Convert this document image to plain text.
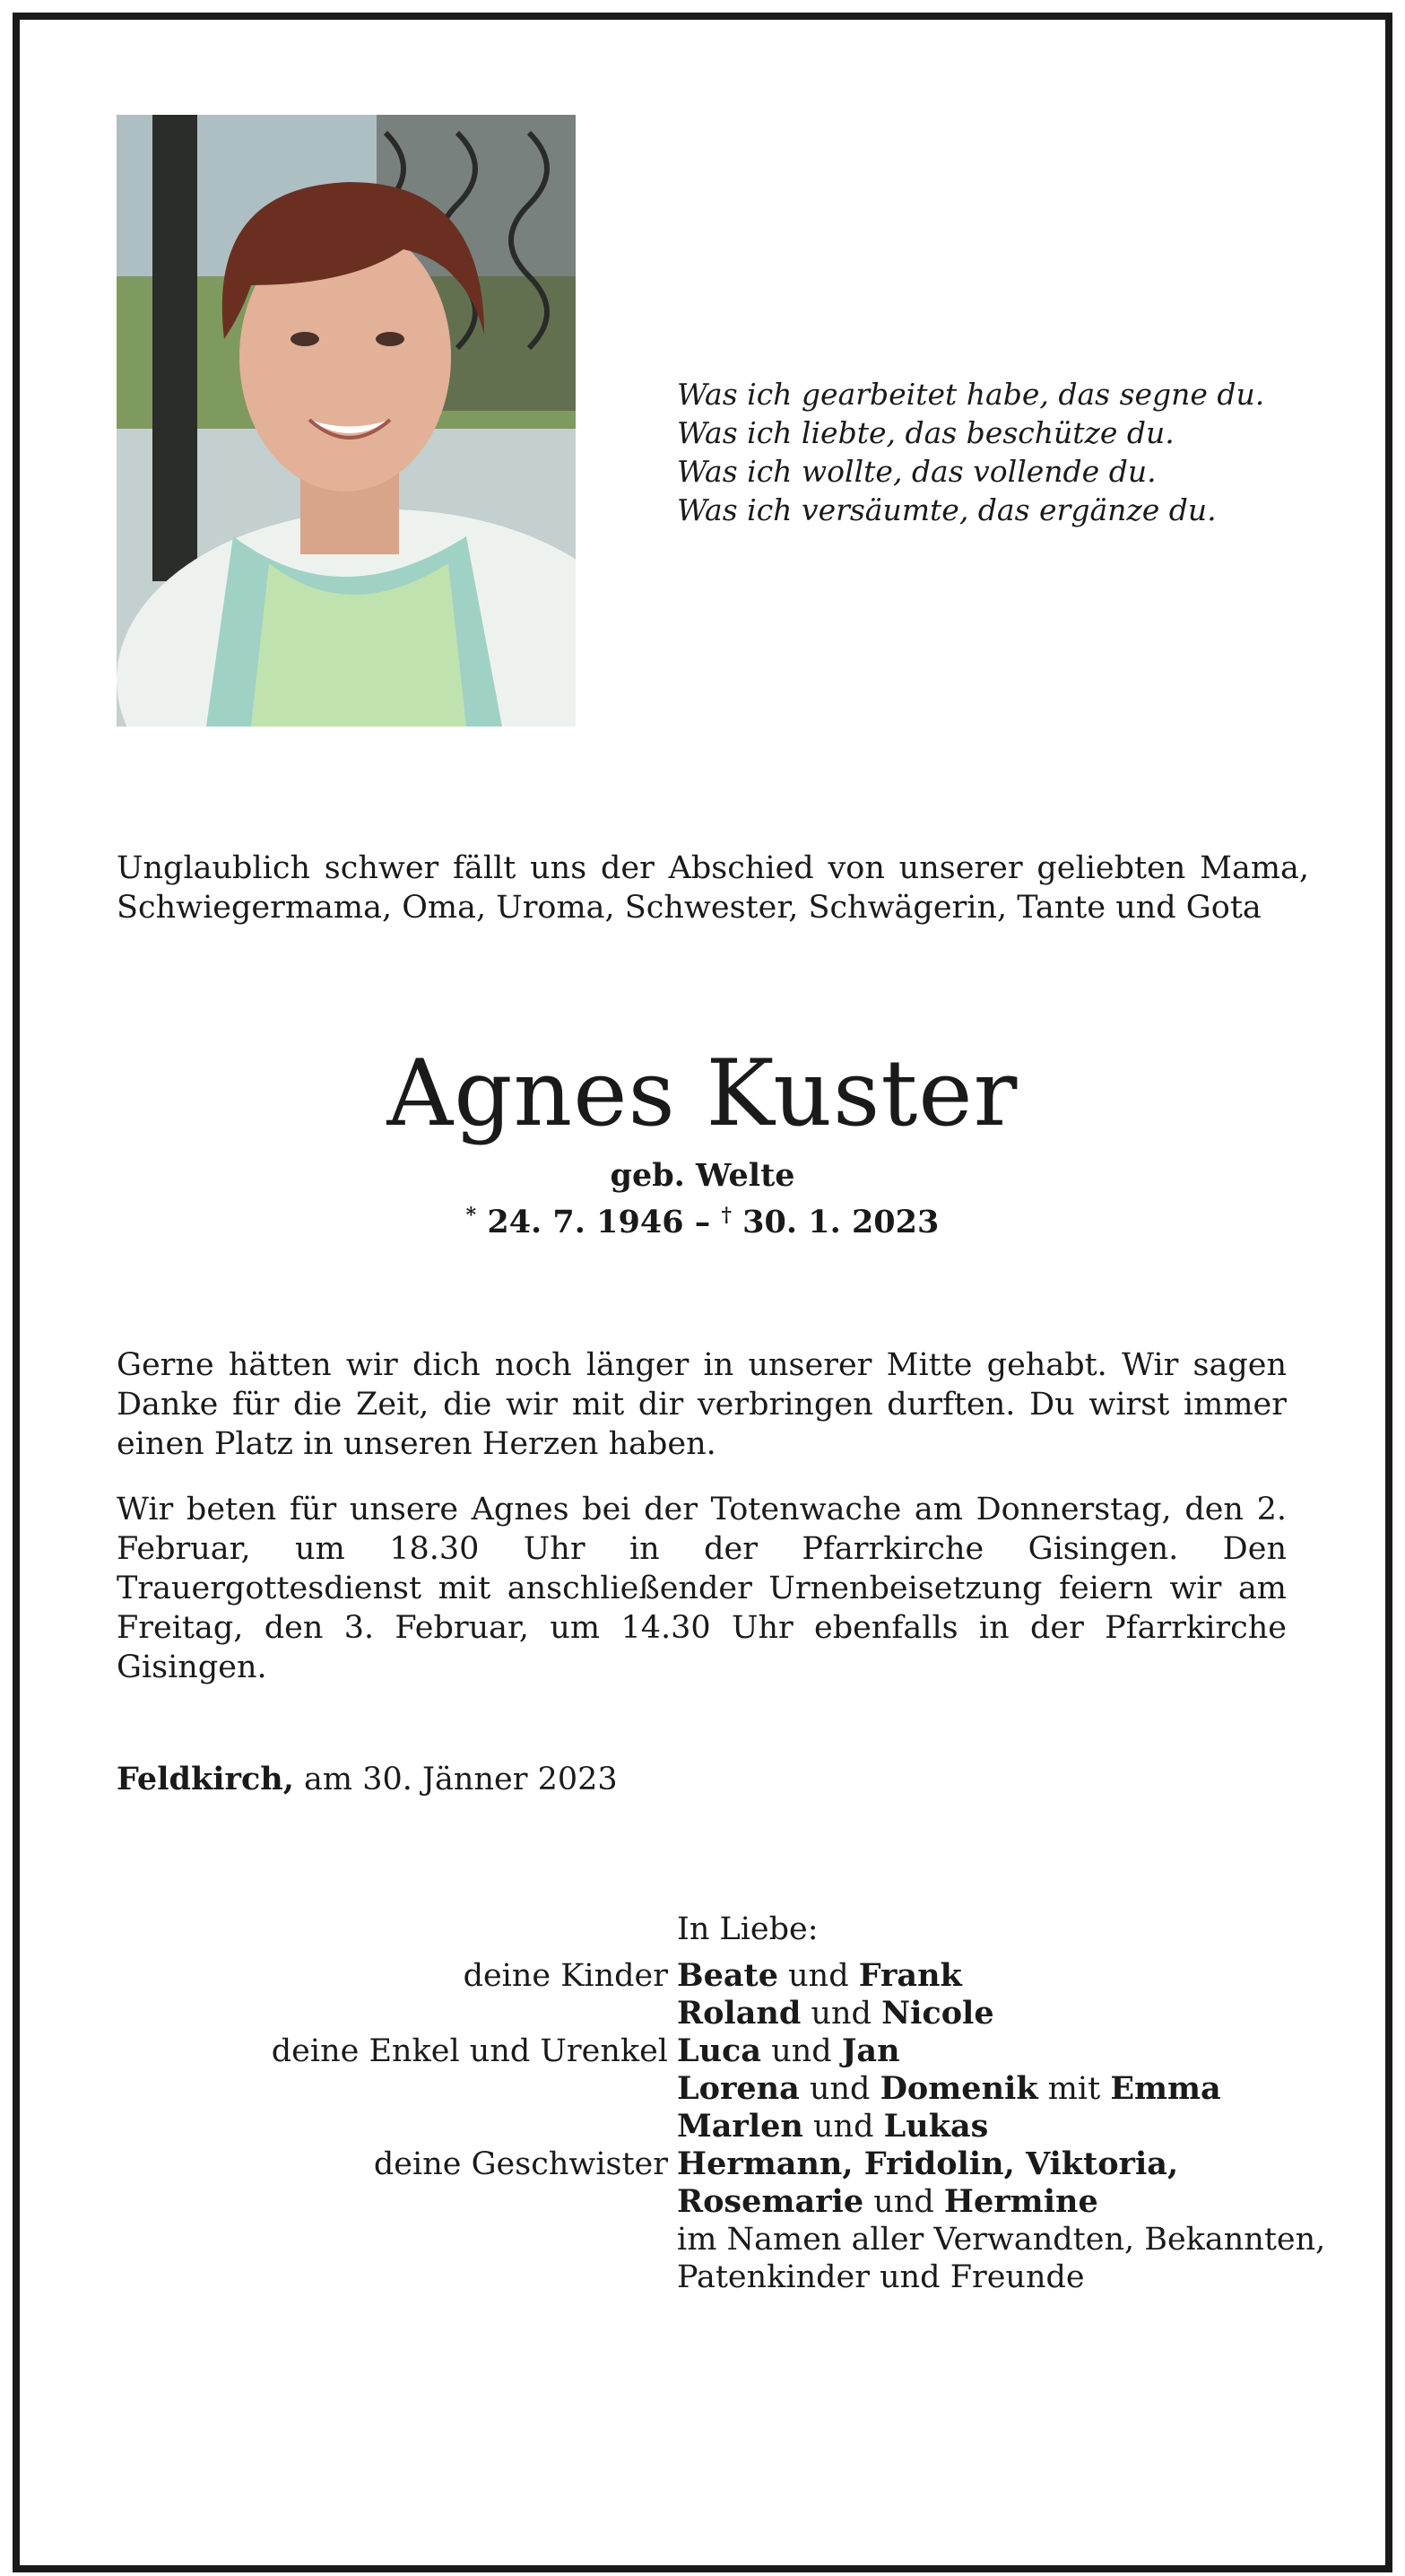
Was ich gearbeitet habe, das segne du.
Was ich liebte, das beschütze du.
Was ich wollte, das vollende du.
Was ich versäumte, das ergänze du.
Unglaublich schwer fällt uns der Abschied von unserer geliebten Mama, Schwiegermama, Oma, Uroma, Schwester, Schwägerin, Tante und Gota
Agnes Kuster
geb. Welte
* 24. 7. 1946 – † 30. 1. 2023
Gerne hätten wir dich noch länger in unserer Mitte gehabt. Wir sagen Danke für die Zeit, die wir mit dir verbringen durften. Du wirst immer einen Platz in unseren Herzen haben.
Wir beten für unsere Agnes bei der Totenwache am Donnerstag, den 2. Februar, um 18.30 Uhr in der Pfarrkirche Gisingen. Den Trauergottesdienst mit anschließender Urnenbeisetzung feiern wir am Freitag, den 3. Februar, um 14.30 Uhr ebenfalls in der Pfarrkirche Gisingen.
Feldkirch, am 30. Jänner 2023
In Liebe:
deine Kinder Beate und Frank
Roland und Nicole
deine Enkel und Urenkel Luca und Jan
Lorena und Domenik mit Emma
Marlen und Lukas
deine Geschwister Hermann, Fridolin, Viktoria,
Rosemarie und Hermine
im Namen aller Verwandten, Bekannten,
Patenkinder und Freunde
